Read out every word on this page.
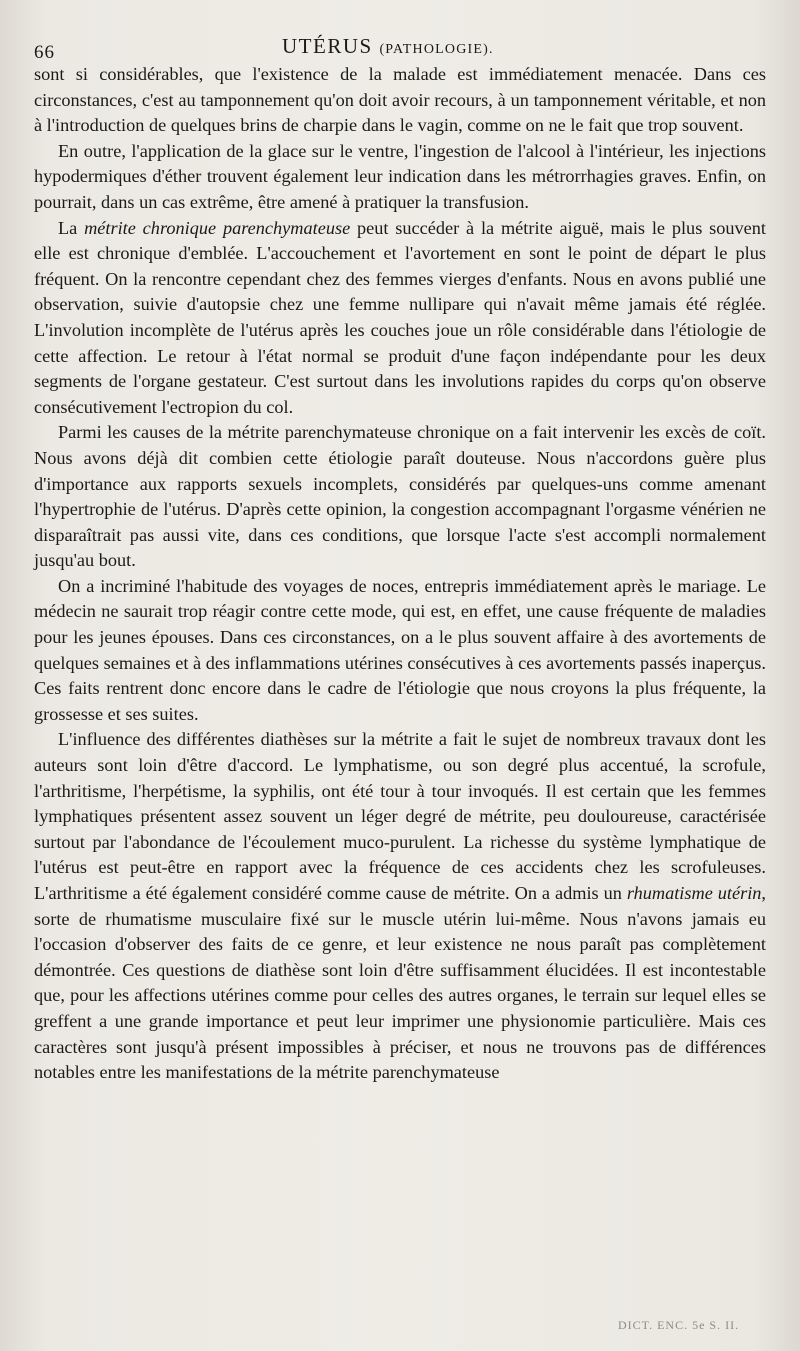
66	UTÉRUS (PATHOLOGIE).

sont si considérables, que l'existence de la malade est immédiatement menacée. Dans ces circonstances, c'est au tamponnement qu'on doit avoir recours, à un tamponnement véritable, et non à l'introduction de quelques brins de charpie dans le vagin, comme on ne le fait que trop souvent.

En outre, l'application de la glace sur le ventre, l'ingestion de l'alcool à l'intérieur, les injections hypodermiques d'éther trouvent également leur indication dans les métrorrhagies graves. Enfin, on pourrait, dans un cas extrême, être amené à pratiquer la transfusion.

La métrite chronique parenchymateuse peut succéder à la métrite aiguë, mais le plus souvent elle est chronique d'emblée. L'accouchement et l'avortement en sont le point de départ le plus fréquent. On la rencontre cependant chez des femmes vierges d'enfants. Nous en avons publié une observation, suivie d'autopsie chez une femme nullipare qui n'avait même jamais été réglée. L'involution incomplète de l'utérus après les couches joue un rôle considérable dans l'étiologie de cette affection. Le retour à l'état normal se produit d'une façon indépendante pour les deux segments de l'organe gestateur. C'est surtout dans les involutions rapides du corps qu'on observe consécutivement l'ectropion du col.

Parmi les causes de la métrite parenchymateuse chronique on a fait intervenir les excès de coït. Nous avons déjà dit combien cette étiologie paraît douteuse. Nous n'accordons guère plus d'importance aux rapports sexuels incomplets, considérés par quelques-uns comme amenant l'hypertrophie de l'utérus. D'après cette opinion, la congestion accompagnant l'orgasme vénérien ne disparaîtrait pas aussi vite, dans ces conditions, que lorsque l'acte s'est accompli normalement jusqu'au bout.

On a incriminé l'habitude des voyages de noces, entrepris immédiatement après le mariage. Le médecin ne saurait trop réagir contre cette mode, qui est, en effet, une cause fréquente de maladies pour les jeunes épouses. Dans ces circonstances, on a le plus souvent affaire à des avortements de quelques semaines et à des inflammations utérines consécutives à ces avortements passés inaperçus. Ces faits rentrent donc encore dans le cadre de l'étiologie que nous croyons la plus fréquente, la grossesse et ses suites.

L'influence des différentes diathèses sur la métrite a fait le sujet de nombreux travaux dont les auteurs sont loin d'être d'accord. Le lymphatisme, ou son degré plus accentué, la scrofule, l'arthritisme, l'herpétisme, la syphilis, ont été tour à tour invoqués. Il est certain que les femmes lymphatiques présentent assez souvent un léger degré de métrite, peu douloureuse, caractérisée surtout par l'abondance de l'écoulement muco-purulent. La richesse du système lymphatique de l'utérus est peut-être en rapport avec la fréquence de ces accidents chez les scrofuleuses. L'arthritisme a été également considéré comme cause de métrite. On a admis un rhumatisme utérin, sorte de rhumatisme musculaire fixé sur le muscle utérin lui-même. Nous n'avons jamais eu l'occasion d'observer des faits de ce genre, et leur existence ne nous paraît pas complètement démontrée. Ces questions de diathèse sont loin d'être suffisamment élucidées. Il est incontestable que, pour les affections utérines comme pour celles des autres organes, le terrain sur lequel elles se greffent a une grande importance et peut leur imprimer une physionomie particulière. Mais ces caractères sont jusqu'à présent impossibles à préciser, et nous ne trouvons pas de différences notables entre les manifestations de la métrite parenchymateuse

DICT. ENC. 5e S. II.
